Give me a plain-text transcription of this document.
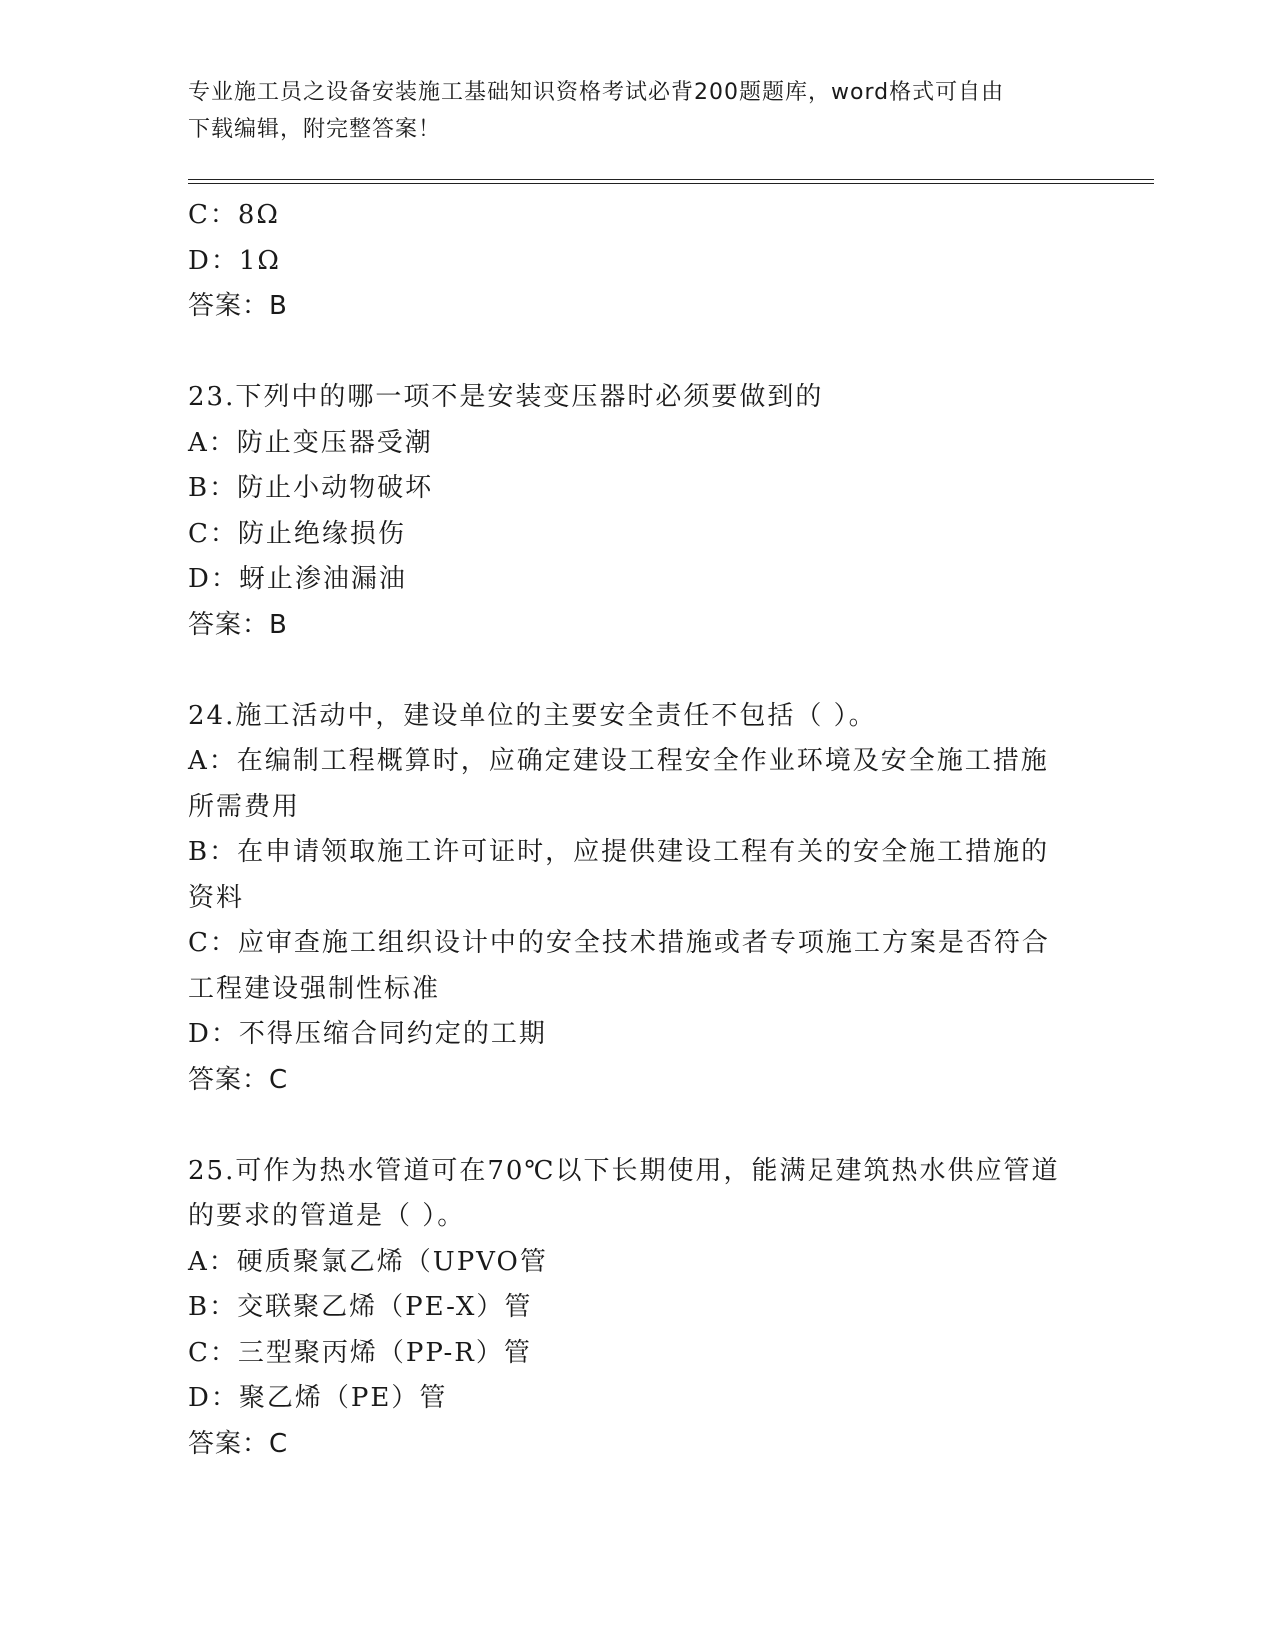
专业施工员之设备安装施工基础知识资格考试必背200题题库，word格式可自由
下载编辑，附完整答案！
C：8Ω
D：1Ω
答案：B
23.下列中的哪一项不是安装变压器时必须要做到的
A：防止变压器受潮
B：防止小动物破坏
C：防止绝缘损伤
D：蚜止渗油漏油
答案：B
24.施工活动中，建设单位的主要安全责任不包括（ ）。
A：在编制工程概算时，应确定建设工程安全作业环境及安全施工措施
所需费用
B：在申请领取施工许可证时，应提供建设工程有关的安全施工措施的
资料
C：应审查施工组织设计中的安全技术措施或者专项施工方案是否符合
工程建设强制性标准
D：不得压缩合同约定的工期
答案：C
25.可作为热水管道可在70℃以下长期使用，能满足建筑热水供应管道
的要求的管道是（ ）。
A：硬质聚氯乙烯（UPVO管
B：交联聚乙烯（PE-X）管
C：三型聚丙烯（PP-R）管
D：聚乙烯（PE）管
答案：C
